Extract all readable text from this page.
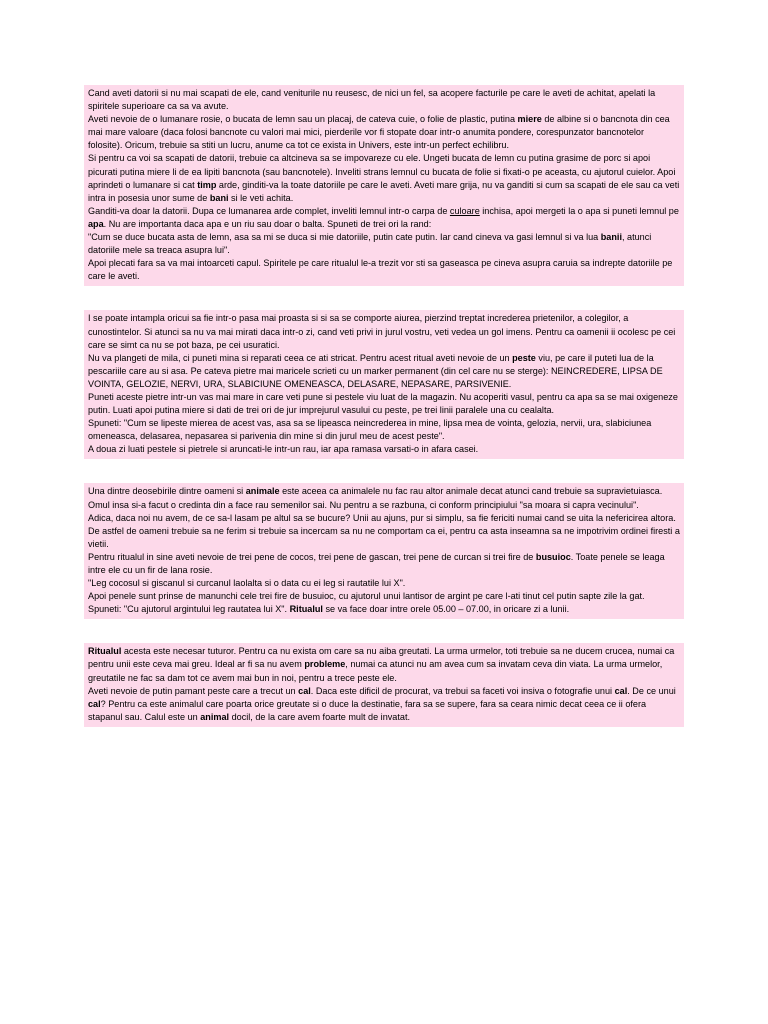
Cand aveti datorii si nu mai scapati de ele, cand veniturile nu reusesc, de nici un fel, sa acopere facturile pe care le aveti de achitat, apelati la spiritele superioare ca sa va avute.

Aveti nevoie de o lumanare rosie, o bucata de lemn sau un placaj, de cateva cuie, o folie de plastic, putina miere de albine si o bancnota din cea mai mare valoare (daca folosi bancnote cu valori mai mici, pierderile vor fi stopate doar intr-o anumita pondere, corespunzator bancnotelor folosite). Oricum, trebuie sa stiti un lucru, anume ca tot ce exista in Univers, este intr-un perfect echilibru.

Si pentru ca voi sa scapati de datorii, trebuie ca altcineva sa se impovareze cu ele. Ungeti bucata de lemn cu putina grasime de porc si apoi picurati putina miere li de ea lipiti bancnota (sau bancnotele). Inveliti strans lemnul cu bucata de folie si fixati-o pe aceasta, cu ajutorul cuielor. Apoi aprindeti o lumanare si cat timp arde, ginditi-va la toate datoriile pe care le aveti. Aveti mare grija, nu va ganditi si cum sa scapati de ele sau ca veti intra in posesia unor sume de bani si le veti achita.

Ganditi-va doar la datorii. Dupa ce lumanarea arde complet, inveliti lemnul intr-o carpa de culoare inchisa, apoi mergeti la o apa si puneti lemnul pe apa. Nu are importanta daca apa e un riu sau doar o balta. Spuneti de trei ori la rand:

"Cum se duce bucata asta de lemn, asa sa mi se duca si mie datoriile, putin cate putin. Iar cand cineva va gasi lemnul si va lua banii, atunci datoriile mele sa treaca asupra lui".

Apoi plecati fara sa va mai intoarceti capul. Spiritele pe care ritualul le-a trezit vor sti sa gaseasca pe cineva asupra caruia sa indrepte datoriile pe care le aveti.

I se poate intampla oricui sa fie intr-o pasa mai proasta si si sa se comporte aiurea, pierzind treptat increderea prietenilor, a colegilor, a cunostintelor. Si atunci sa nu va mai mirati daca intr-o zi, cand veti privi in jurul vostru, veti vedea un gol imens. Pentru ca oamenii ii ocolesc pe cei care se simt ca nu se pot baza, pe cei usuratici.

Nu va plangeti de mila, ci puneti mina si reparati ceea ce ati stricat. Pentru acest ritual aveti nevoie de un peste viu, pe care il puteti lua de la pescariile care au si asa. Pe cateva pietre mai maricele scrieti cu un marker permanent (din cel care nu se sterge): NEINCREDERE, LIPSA DE VOINTA, GELOZIE, NERVI, URA, SLABICIUNE OMENEASCA, DELASARE, NEPASARE, PARSIVENIE.

Puneti aceste pietre intr-un vas mai mare in care veti pune si pestele viu luat de la magazin. Nu acoperiti vasul, pentru ca apa sa se mai oxigeneze putin. Luati apoi putina miere si dati de trei ori de jur imprejurul vasului cu peste, pe trei linii paralele una cu cealalta.

Spuneti: "Cum se lipeste mierea de acest vas, asa sa se lipeasca neincrederea in mine, lipsa mea de vointa, gelozia, nervii, ura, slabiciunea omeneasca, delasarea, nepasarea si parivenia din mine si din jurul meu de acest peste".

A doua zi luati pestele si pietrele si aruncati-le intr-un rau, iar apa ramasa varsati-o in afara casei.

Una dintre deosebirile dintre oameni si animale este aceea ca animalele nu fac rau altor animale decat atunci cand trebuie sa supravietuiasca. Omul insa si-a facut o credinta din a face rau semenilor sai. Nu pentru a se razbuna, ci conform principiului "sa moara si capra vecinului".

Adica, daca noi nu avem, de ce sa-l lasam pe altul sa se bucure? Unii au ajuns, pur si simplu, sa fie fericiti numai cand se uita la nefericirea altora. De astfel de oameni trebuie sa ne ferim si trebuie sa incercam sa nu ne comportam ca ei, pentru ca asta inseamna sa ne impotrivim ordinei firesti a vietii.

Pentru ritualul in sine aveti nevoie de trei pene de cocos, trei pene de gascan, trei pene de curcan si trei fire de busuioc. Toate penele se leaga intre ele cu un fir de lana rosie.

"Leg cocosul si giscanul si curcanul laolalta si o data cu ei leg si rautatile lui X".

Apoi penele sunt prinse de manunchi cele trei fire de busuioc, cu ajutorul unui lantisor de argint pe care l-ati tinut cel putin sapte zile la gat.

Spuneti: "Cu ajutorul argintului leg rautatea lui X". Ritualul se va face doar intre orele 05.00 – 07.00, in oricare zi a lunii.

Ritualul acesta este necesar tuturor. Pentru ca nu exista om care sa nu aiba greutati. La urma urmelor, toti trebuie sa ne ducem crucea, numai ca pentru unii este ceva mai greu. Ideal ar fi sa nu avem probleme, numai ca atunci nu am avea cum sa invatam ceva din viata. La urma urmelor, greutatile ne fac sa dam tot ce avem mai bun in noi, pentru a trece peste ele.

Aveti nevoie de putin pamant peste care a trecut un cal. Daca este dificil de procurat, va trebui sa faceti voi insiva o fotografie unui cal. De ce unui cal? Pentru ca este animalul care poarta orice greutate si o duce la destinatie, fara sa se supere, fara sa ceara nimic decat ceea ce ii ofera stapanul sau. Calul este un animal docil, de la care avem foarte mult de invatat.
